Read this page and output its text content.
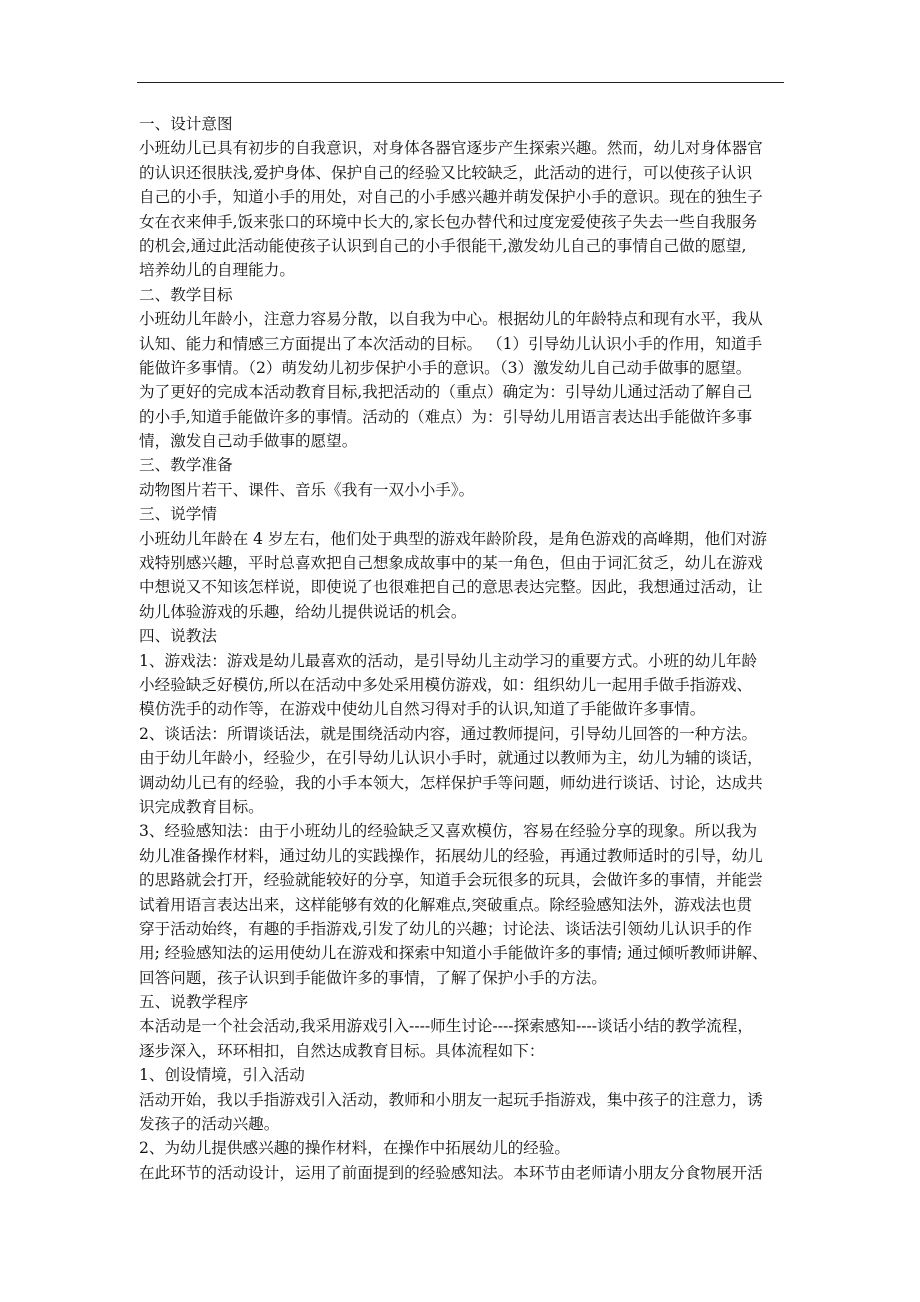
一、设计意图
小班幼儿已具有初步的自我意识，对身体各器官逐步产生探索兴趣。然而，幼儿对身体器官
的认识还很肤浅,爱护身体、保护自己的经验又比较缺乏，此活动的进行，可以使孩子认识
自己的小手，知道小手的用处，对自己的小手感兴趣并萌发保护小手的意识。现在的独生子
女在衣来伸手,饭来张口的环境中长大的,家长包办替代和过度宠爱使孩子失去一些自我服务
的机会,通过此活动能使孩子认识到自己的小手很能干,激发幼儿自己的事情自己做的愿望,
培养幼儿的自理能力。
二、教学目标
小班幼儿年龄小，注意力容易分散，以自我为中心。根据幼儿的年龄特点和现有水平，我从
认知、能力和情感三方面提出了本次活动的目标。 （1）引导幼儿认识小手的作用，知道手
能做许多事情。（2）萌发幼儿初步保护小手的意识。（3）激发幼儿自己动手做事的愿望。
为了更好的完成本活动教育目标,我把活动的（重点）确定为：引导幼儿通过活动了解自己
的小手,知道手能做许多的事情。活动的（难点）为：引导幼儿用语言表达出手能做许多事
情，激发自己动手做事的愿望。
三、教学准备
动物图片若干、课件、音乐《我有一双小小手》。
三、说学情
小班幼儿年龄在 4 岁左右，他们处于典型的游戏年龄阶段，是角色游戏的高峰期，他们对游
戏特别感兴趣，平时总喜欢把自己想象成故事中的某一角色，但由于词汇贫乏，幼儿在游戏
中想说又不知该怎样说，即使说了也很难把自己的意思表达完整。因此，我想通过活动，让
幼儿体验游戏的乐趣，给幼儿提供说话的机会。
四、说教法
1、游戏法：游戏是幼儿最喜欢的活动，是引导幼儿主动学习的重要方式。小班的幼儿年龄
小经验缺乏好模仿,所以在活动中多处采用模仿游戏，如：组织幼儿一起用手做手指游戏、
模仿洗手的动作等，在游戏中使幼儿自然习得对手的认识,知道了手能做许多事情。
2、谈话法：所谓谈话法，就是围绕活动内容，通过教师提问，引导幼儿回答的一种方法。
由于幼儿年龄小，经验少，在引导幼儿认识小手时，就通过以教师为主，幼儿为辅的谈话，
调动幼儿已有的经验，我的小手本领大，怎样保护手等问题，师幼进行谈话、讨论，达成共
识完成教育目标。
3、经验感知法：由于小班幼儿的经验缺乏又喜欢模仿，容易在经验分享的现象。所以我为
幼儿准备操作材料，通过幼儿的实践操作，拓展幼儿的经验，再通过教师适时的引导，幼儿
的思路就会打开，经验就能较好的分享，知道手会玩很多的玩具，会做许多的事情，并能尝
试着用语言表达出来，这样能够有效的化解难点,突破重点。除经验感知法外，游戏法也贯
穿于活动始终，有趣的手指游戏,引发了幼儿的兴趣；讨论法、谈话法引领幼儿认识手的作
用; 经验感知法的运用使幼儿在游戏和探索中知道小手能做许多的事情; 通过倾听教师讲解、
回答问题，孩子认识到手能做许多的事情，了解了保护小手的方法。
五、说教学程序
本活动是一个社会活动,我采用游戏引入----师生讨论----探索感知----谈话小结的教学流程，
逐步深入，环环相扣，自然达成教育目标。具体流程如下：
1、创设情境，引入活动
活动开始，我以手指游戏引入活动，教师和小朋友一起玩手指游戏，集中孩子的注意力，诱
发孩子的活动兴趣。
2、为幼儿提供感兴趣的操作材料，在操作中拓展幼儿的经验。
在此环节的活动设计，运用了前面提到的经验感知法。本环节由老师请小朋友分食物展开活
